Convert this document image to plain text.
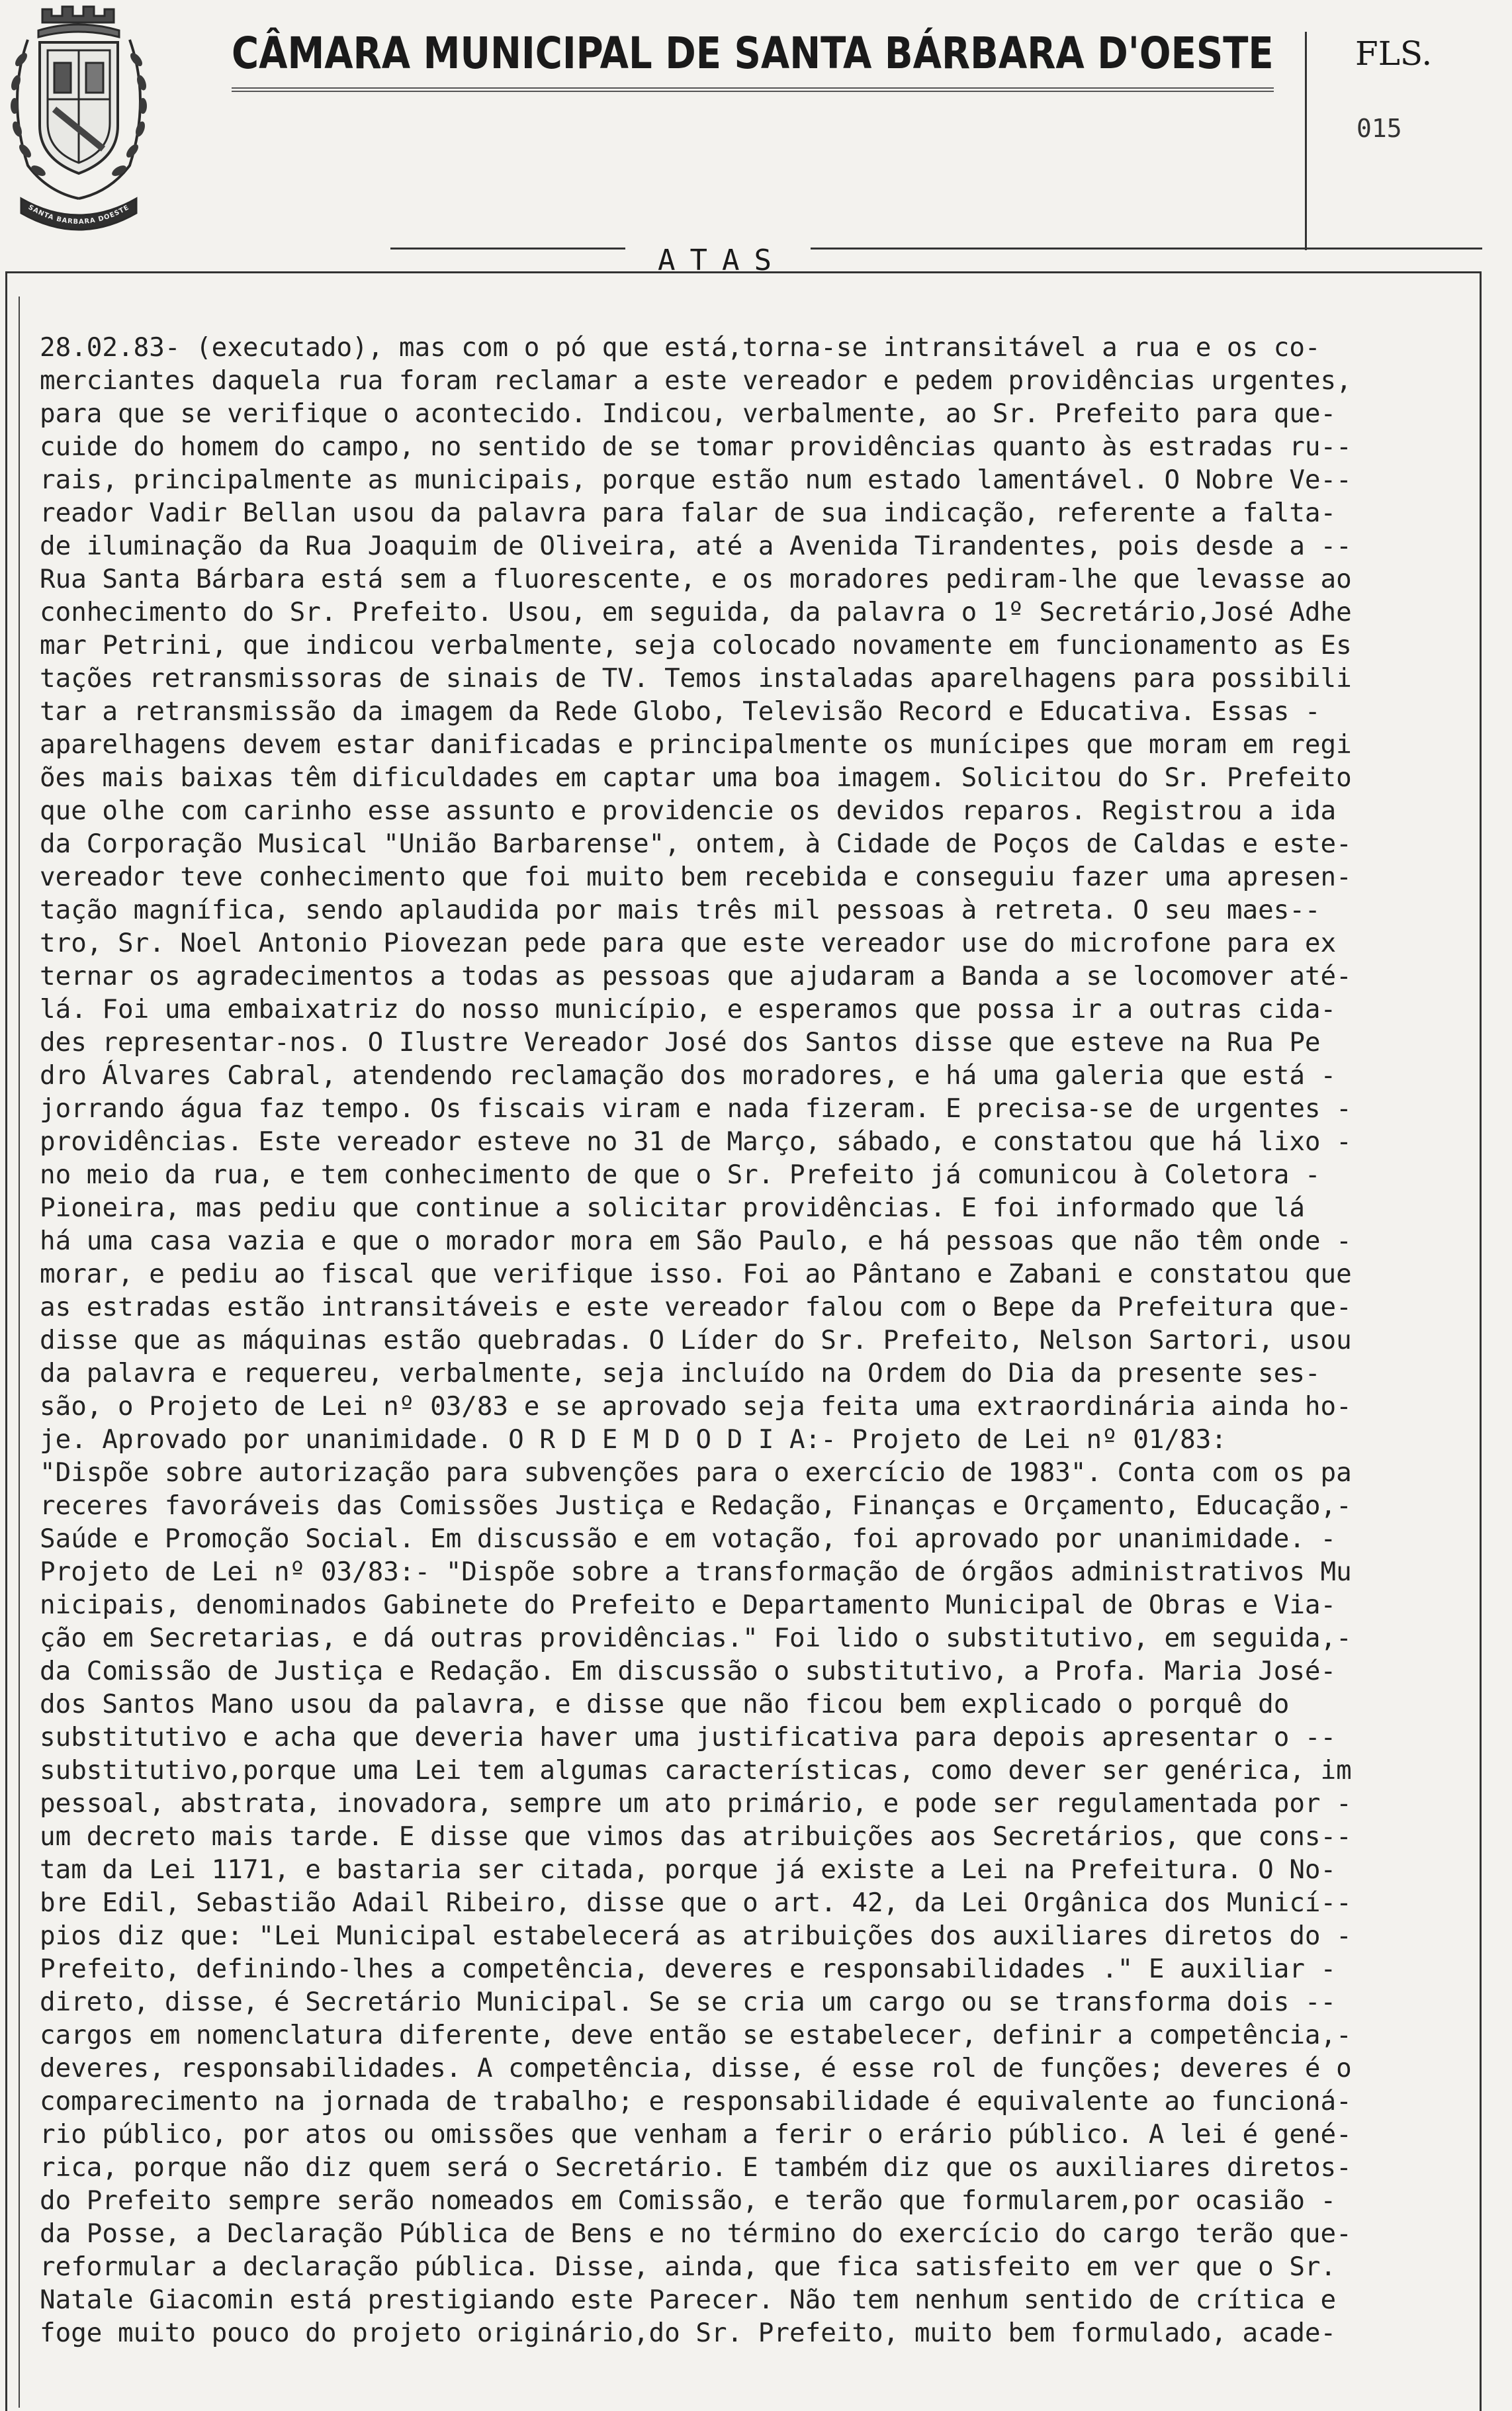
SANTA BARBARA DOESTE
CÂMARA MUNICIPAL DE SANTA BÁRBARA D'OESTE FLS.
015
ATAS
28.02.83- (executado), mas com o pó que está,torna-se intransitável a rua e os co-
merciantes daquela rua foram reclamar a este vereador e pedem providências urgentes,
para que se verifique o acontecido. Indicou, verbalmente, ao Sr. Prefeito para que-
cuide do homem do campo, no sentido de se tomar providências quanto às estradas ru--
rais, principalmente as municipais, porque estão num estado lamentável. O Nobre Ve--
reador Vadir Bellan usou da palavra para falar de sua indicação, referente a falta-
de iluminação da Rua Joaquim de Oliveira, até a Avenida Tirandentes, pois desde a --
Rua Santa Bárbara está sem a fluorescente, e os moradores pediram-lhe que levasse ao
conhecimento do Sr. Prefeito. Usou, em seguida, da palavra o 1º Secretário,José Adhe
mar Petrini, que indicou verbalmente, seja colocado novamente em funcionamento as Es
tações retransmissoras de sinais de TV. Temos instaladas aparelhagens para possibili
tar a retransmissão da imagem da Rede Globo, Televisão Record e Educativa. Essas -
aparelhagens devem estar danificadas e principalmente os munícipes que moram em regi
ões mais baixas têm dificuldades em captar uma boa imagem. Solicitou do Sr. Prefeito
que olhe com carinho esse assunto e providencie os devidos reparos. Registrou a ida
da Corporação Musical "União Barbarense", ontem, à Cidade de Poços de Caldas e este-
vereador teve conhecimento que foi muito bem recebida e conseguiu fazer uma apresen-
tação magnífica, sendo aplaudida por mais três mil pessoas à retreta. O seu maes--
tro, Sr. Noel Antonio Piovezan pede para que este vereador use do microfone para ex
ternar os agradecimentos a todas as pessoas que ajudaram a Banda a se locomover até-
lá. Foi uma embaixatriz do nosso município, e esperamos que possa ir a outras cida-
des representar-nos. O Ilustre Vereador José dos Santos disse que esteve na Rua Pe
dro Álvares Cabral, atendendo reclamação dos moradores, e há uma galeria que está -
jorrando água faz tempo. Os fiscais viram e nada fizeram. E precisa-se de urgentes -
providências. Este vereador esteve no 31 de Março, sábado, e constatou que há lixo -
no meio da rua, e tem conhecimento de que o Sr. Prefeito já comunicou à Coletora -
Pioneira, mas pediu que continue a solicitar providências. E foi informado que lá
há uma casa vazia e que o morador mora em São Paulo, e há pessoas que não têm onde -
morar, e pediu ao fiscal que verifique isso. Foi ao Pântano e Zabani e constatou que
as estradas estão intransitáveis e este vereador falou com o Bepe da Prefeitura que-
disse que as máquinas estão quebradas. O Líder do Sr. Prefeito, Nelson Sartori, usou
da palavra e requereu, verbalmente, seja incluído na Ordem do Dia da presente ses-
são, o Projeto de Lei nº 03/83 e se aprovado seja feita uma extraordinária ainda ho-
je. Aprovado por unanimidade. O R D E M D O D I A:- Projeto de Lei nº 01/83:
"Dispõe sobre autorização para subvenções para o exercício de 1983". Conta com os pa
receres favoráveis das Comissões Justiça e Redação, Finanças e Orçamento, Educação,-
Saúde e Promoção Social. Em discussão e em votação, foi aprovado por unanimidade. -
Projeto de Lei nº 03/83:- "Dispõe sobre a transformação de órgãos administrativos Mu
nicipais, denominados Gabinete do Prefeito e Departamento Municipal de Obras e Via-
ção em Secretarias, e dá outras providências." Foi lido o substitutivo, em seguida,-
da Comissão de Justiça e Redação. Em discussão o substitutivo, a Profa. Maria José-
dos Santos Mano usou da palavra, e disse que não ficou bem explicado o porquê do
substitutivo e acha que deveria haver uma justificativa para depois apresentar o --
substitutivo,porque uma Lei tem algumas características, como dever ser genérica, im
pessoal, abstrata, inovadora, sempre um ato primário, e pode ser regulamentada por -
um decreto mais tarde. E disse que vimos das atribuições aos Secretários, que cons--
tam da Lei 1171, e bastaria ser citada, porque já existe a Lei na Prefeitura. O No-
bre Edil, Sebastião Adail Ribeiro, disse que o art. 42, da Lei Orgânica dos Municí--
pios diz que: "Lei Municipal estabelecerá as atribuições dos auxiliares diretos do -
Prefeito, definindo-lhes a competência, deveres e responsabilidades ." E auxiliar -
direto, disse, é Secretário Municipal. Se se cria um cargo ou se transforma dois --
cargos em nomenclatura diferente, deve então se estabelecer, definir a competência,-
deveres, responsabilidades. A competência, disse, é esse rol de funções; deveres é o
comparecimento na jornada de trabalho; e responsabilidade é equivalente ao funcioná-
rio público, por atos ou omissões que venham a ferir o erário público. A lei é gené-
rica, porque não diz quem será o Secretário. E também diz que os auxiliares diretos-
do Prefeito sempre serão nomeados em Comissão, e terão que formularem,por ocasião -
da Posse, a Declaração Pública de Bens e no término do exercício do cargo terão que-
reformular a declaração pública. Disse, ainda, que fica satisfeito em ver que o Sr.
Natale Giacomin está prestigiando este Parecer. Não tem nenhum sentido de crítica e
foge muito pouco do projeto originário,do Sr. Prefeito, muito bem formulado, acade-
